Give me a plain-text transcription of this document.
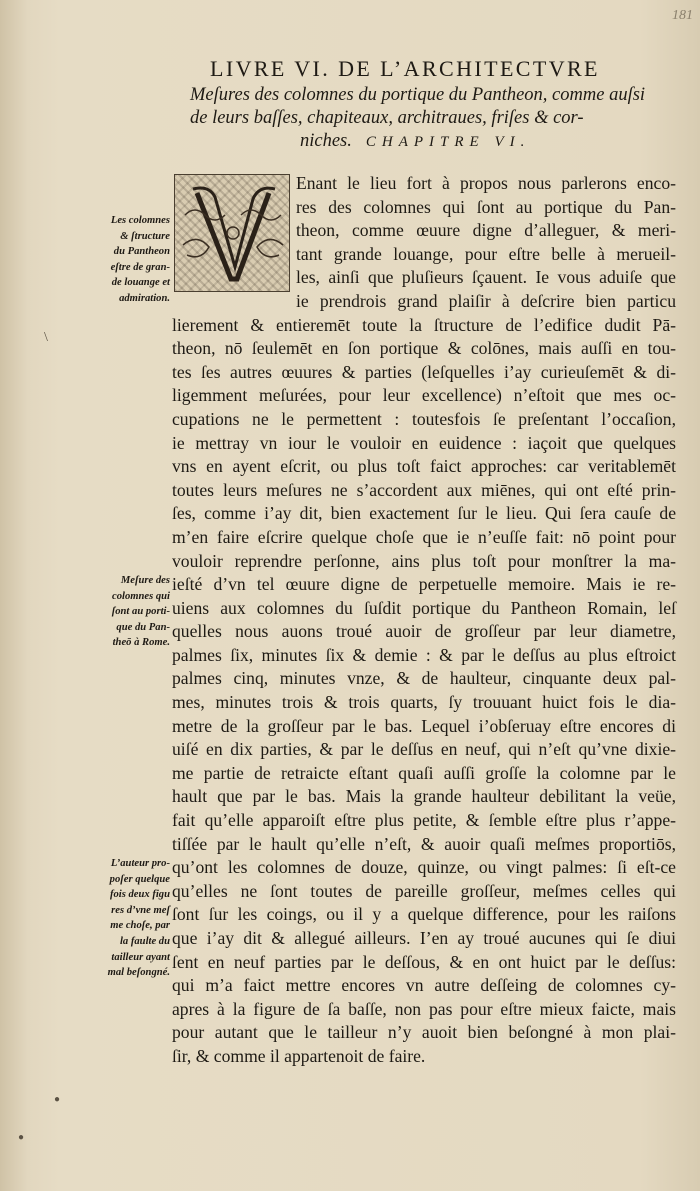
181
LIVRE VI. DE L’ARCHITECTVRE
Meſures des colomnes du portique du Pantheon, comme auſsi
de leurs baſſes, chapiteaux, architraues, friſes & cor-
niches. CHAPITRE VI.
Les colomnes
& ſtructure
du Pantheon
eſtre de gran-
de louange et
admiration.
Meſure des
colomnes qui
ſont au porti-
que du Pan-
theō à Rome.
L’auteur pro-
poſer quelque
fois deux figu
res d’vne meſ
me choſe, par
la faulte du
tailleur ayant
mal beſongné.
Enant le lieu fort à propos nous parlerons enco-
res des colomnes qui ſont au portique du Pan-
theon, comme œuure digne d’alleguer, & meri-
tant grande louange, pour eſtre belle à merueil-
les, ainſi que pluſieurs ſçauent. Ie vous aduiſe que
ie prendrois grand plaiſir à deſcrire bien particu
lierement & entieremēt toute la ſtructure de l’edifice dudit Pā-
theon, nō ſeulemēt en ſon portique & colōnes, mais auſſi en tou-
tes ſes autres œuures & parties (leſquelles i’ay curieuſemēt & di-
ligemment meſurées, pour leur excellence) n’eſtoit que mes oc-
cupations ne le permettent : toutesfois ſe preſentant l’occaſion,
ie mettray vn iour le vouloir en euidence : iaçoit que quelques
vns en ayent eſcrit, ou plus toſt faict approches: car veritablemēt
toutes leurs meſures ne s’accordent aux miēnes, qui ont eſté prin-
ſes, comme i’ay dit, bien exactement ſur le lieu. Qui ſera cauſe de
m’en faire eſcrire quelque choſe que ie n’euſſe fait: nō point pour
vouloir reprendre perſonne, ains plus toſt pour monſtrer la ma-
ieſté d’vn tel œuure digne de perpetuelle memoire. Mais ie re-
uiens aux colomnes du ſuſdit portique du Pantheon Romain, leſ
quelles nous auons troué auoir de groſſeur par leur diametre,
palmes ſix, minutes ſix & demie : & par le deſſus au plus eſtroict
palmes cinq, minutes vnze, & de haulteur, cinquante deux pal-
mes, minutes trois & trois quarts, ſy trouuant huict fois le dia-
metre de la groſſeur par le bas. Lequel i’obſeruay eſtre encores di
uiſé en dix parties, & par le deſſus en neuf, qui n’eſt qu’vne dixie-
me partie de retraicte eſtant quaſi auſſi groſſe la colomne par le
hault que par le bas. Mais la grande haulteur debilitant la veüe,
fait qu’elle apparoiſt eſtre plus petite, & ſemble eſtre plus r’appe-
tiſſée par le hault qu’elle n’eſt, & auoir quaſi meſmes proportiōs,
qu’ont les colomnes de douze, quinze, ou vingt palmes: ſi eſt-ce
qu’elles ne ſont toutes de pareille groſſeur, meſmes celles qui
ſont ſur les coings, ou il y a quelque difference, pour les raiſons
que i’ay dit & allegué ailleurs. I’en ay troué aucunes qui ſe diui
ſent en neuf parties par le deſſous, & en ont huict par le deſſus:
qui m’a faict mettre encores vn autre deſſeing de colomnes cy-
apres à la figure de ſa baſſe, non pas pour eſtre mieux faicte, mais
pour autant que le tailleur n’y auoit bien beſongné à mon plai-
ſir, & comme il appartenoit de faire.
\
●
●
